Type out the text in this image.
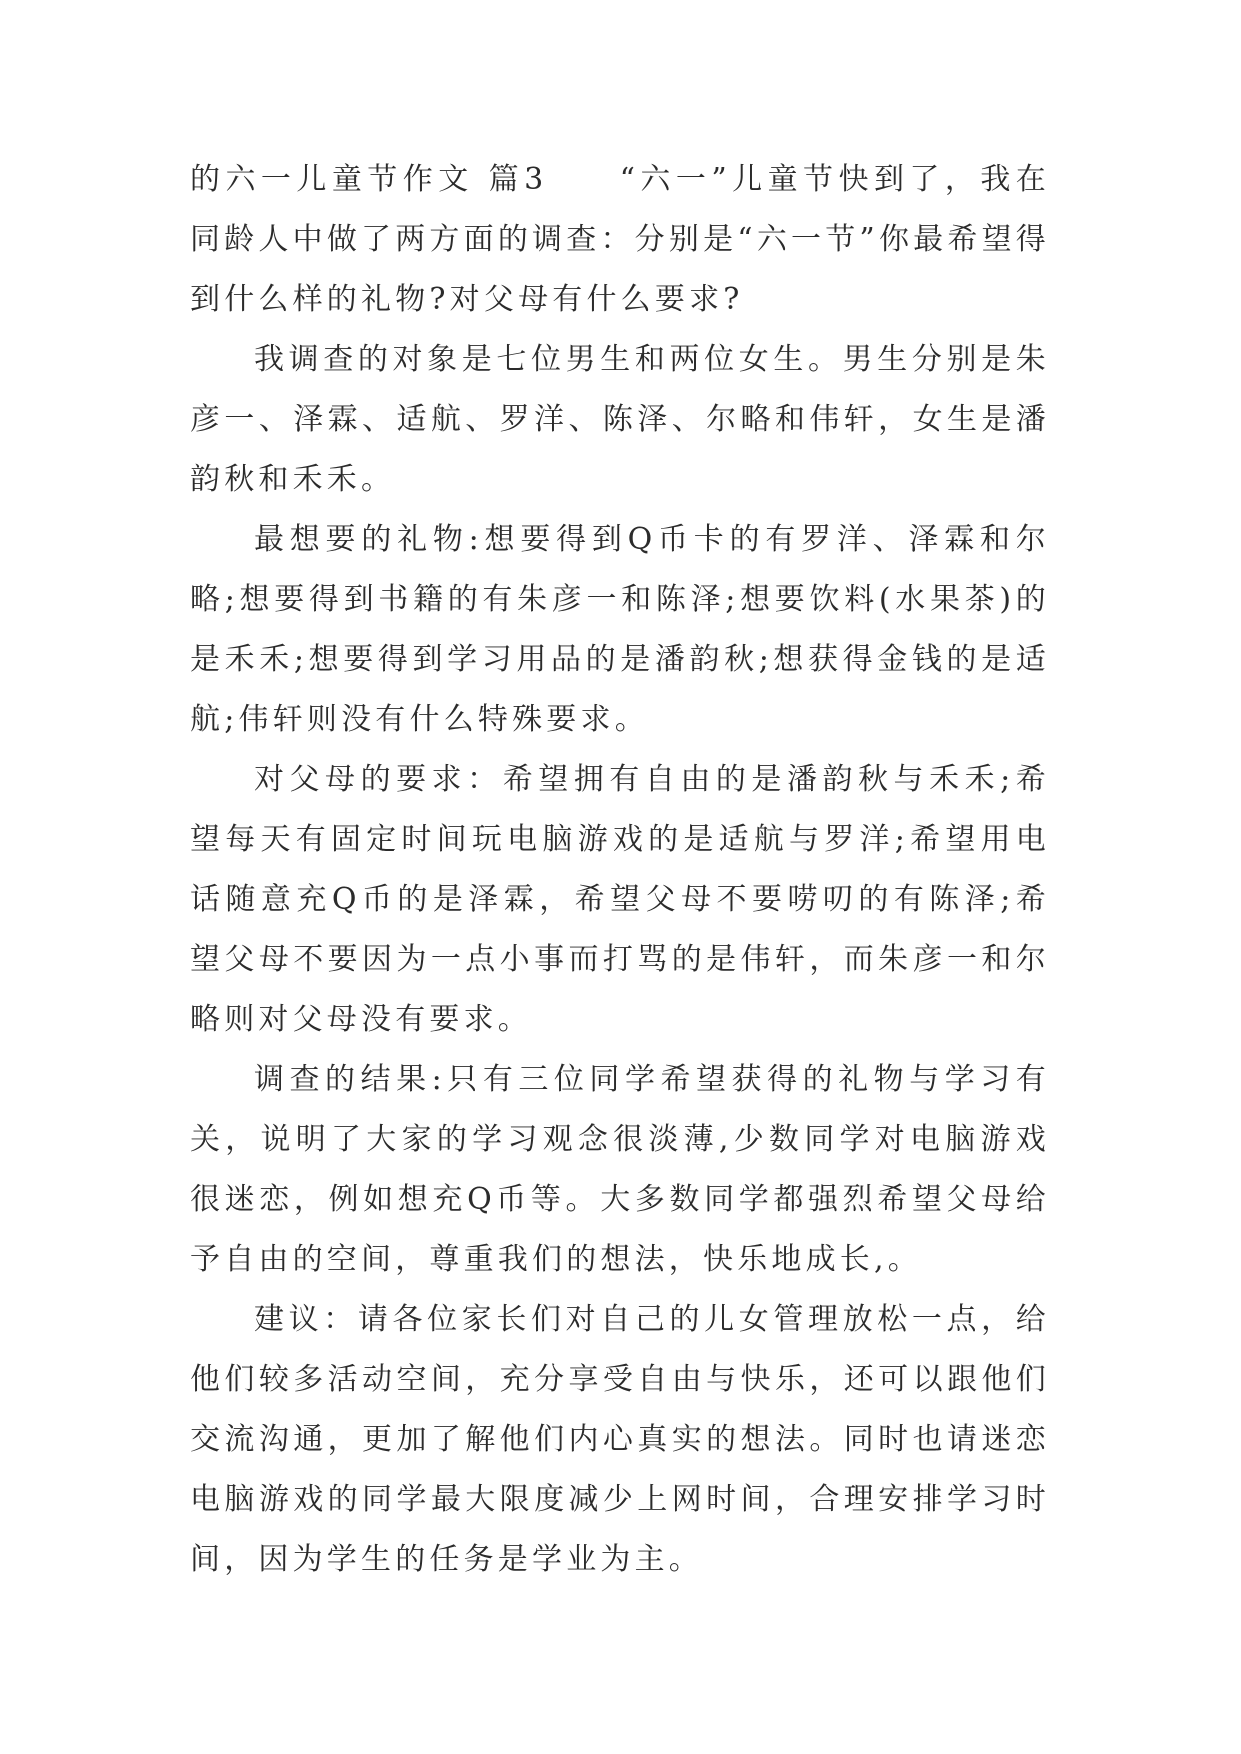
的六一儿童节作文 篇3　　“六一”儿童节快到了，我在同龄人中做了两方面的调查：分别是“六一节”你最希望得到什么样的礼物?对父母有什么要求?

我调查的对象是七位男生和两位女生。男生分别是朱彦一、泽霖、适航、罗洋、陈泽、尔略和伟轩，女生是潘韵秋和禾禾。

最想要的礼物:想要得到Q币卡的有罗洋、泽霖和尔略;想要得到书籍的有朱彦一和陈泽;想要饮料(水果茶)的是禾禾;想要得到学习用品的是潘韵秋;想获得金钱的是适航;伟轩则没有什么特殊要求。

对父母的要求：希望拥有自由的是潘韵秋与禾禾;希望每天有固定时间玩电脑游戏的是适航与罗洋;希望用电话随意充Q币的是泽霖，希望父母不要唠叨的有陈泽;希望父母不要因为一点小事而打骂的是伟轩，而朱彦一和尔略则对父母没有要求。

调查的结果:只有三位同学希望获得的礼物与学习有关，说明了大家的学习观念很淡薄,少数同学对电脑游戏很迷恋，例如想充Q币等。大多数同学都强烈希望父母给予自由的空间，尊重我们的想法，快乐地成长,。

建议：请各位家长们对自己的儿女管理放松一点，给他们较多活动空间，充分享受自由与快乐，还可以跟他们交流沟通，更加了解他们内心真实的想法。同时也请迷恋电脑游戏的同学最大限度减少上网时间，合理安排学习时间，因为学生的任务是学业为主。
